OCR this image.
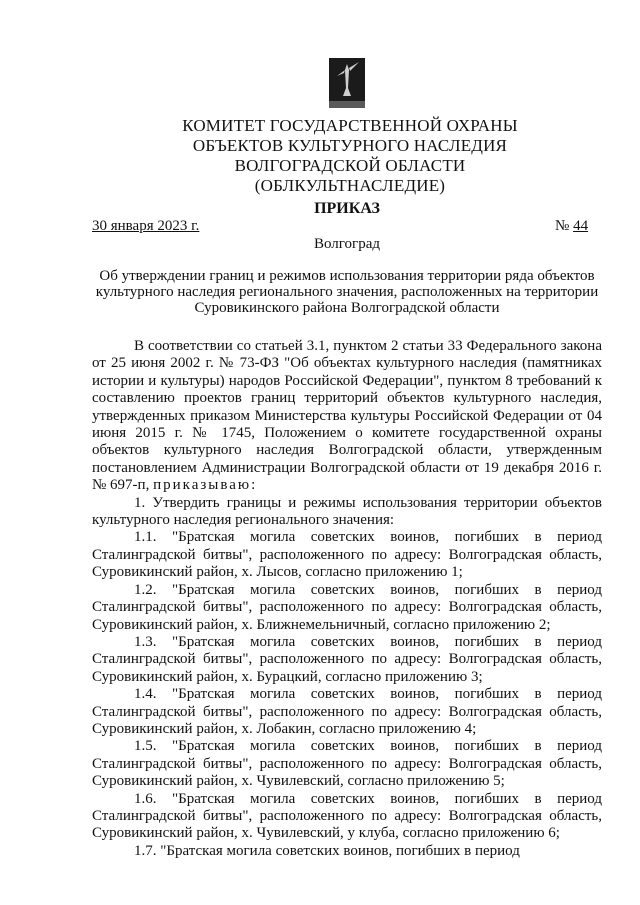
КОМИТЕТ ГОСУДАРСТВЕННОЙ ОХРАНЫ
ОБЪЕКТОВ КУЛЬТУРНОГО НАСЛЕДИЯ
ВОЛГОГРАДСКОЙ ОБЛАСТИ
(ОБЛКУЛЬТНАСЛЕДИЕ)
ПРИКАЗ
30 января 2023 г.	№ 44
Волгоград
Об утверждении границ и режимов использования территории ряда объектов
культурного наследия регионального значения, расположенных на территории
Суровикинского района Волгоградской области

В соответствии со статьей 3.1, пунктом 2 статьи 33 Федерального закона от 25 июня 2002 г. № 73-ФЗ "Об объектах культурного наследия (памятниках истории и культуры) народов Российской Федерации", пунктом 8 требований к составлению проектов границ территорий объектов культурного наследия, утвержденных приказом Министерства культуры Российской Федерации от 04 июня 2015 г. № 1745, Положением о комитете государственной охраны объектов культурного наследия Волгоградской области, утвержденным постановлением Администрации Волгоградской области от 19 декабря 2016 г. № 697-п, приказываю:

1. Утвердить границы и режимы использования территории объектов культурного наследия регионального значения:

1.1. "Братская могила советских воинов, погибших в период Сталинградской битвы", расположенного по адресу: Волгоградская область, Суровикинский район, х. Лысов, согласно приложению 1;

1.2. "Братская могила советских воинов, погибших в период Сталинградской битвы", расположенного по адресу: Волгоградская область, Суровикинский район, х. Ближнемельничный, согласно приложению 2;

1.3. "Братская могила советских воинов, погибших в период Сталинградской битвы", расположенного по адресу: Волгоградская область, Суровикинский район, х. Бурацкий, согласно приложению 3;

1.4. "Братская могила советских воинов, погибших в период Сталинградской битвы", расположенного по адресу: Волгоградская область, Суровикинский район, х. Лобакин, согласно приложению 4;

1.5. "Братская могила советских воинов, погибших в период Сталинградской битвы", расположенного по адресу: Волгоградская область, Суровикинский район, х. Чувилевский, согласно приложению 5;

1.6. "Братская могила советских воинов, погибших в период Сталинградской битвы", расположенного по адресу: Волгоградская область, Суровикинский район, х. Чувилевский, у клуба, согласно приложению 6;

1.7. "Братская могила советских воинов, погибших в период
